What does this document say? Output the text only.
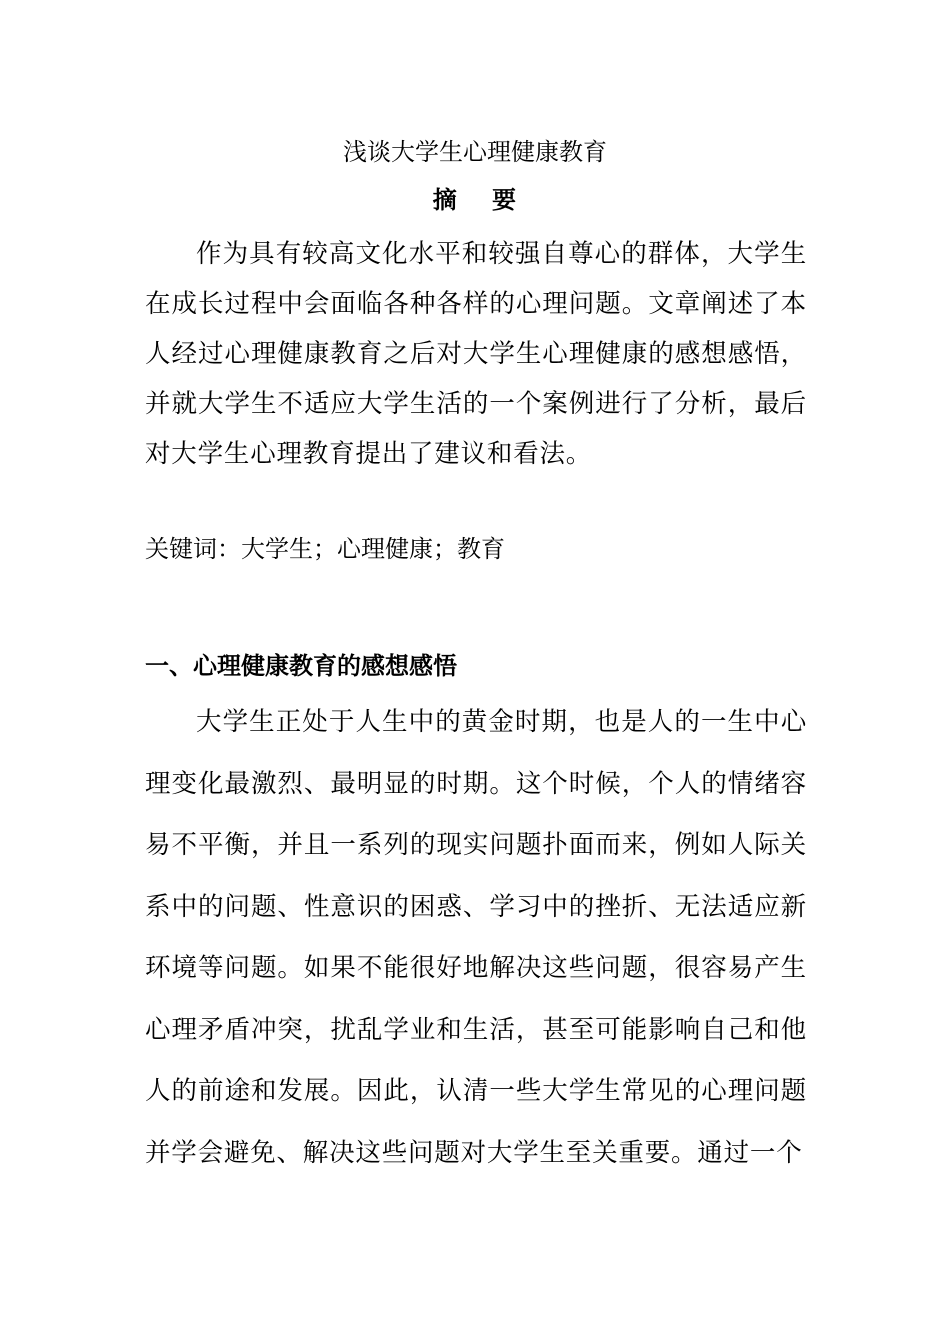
浅谈大学生心理健康教育
摘 要

作为具有较高文化水平和较强自尊心的群体，大学生在成长过程中会面临各种各样的心理问题。文章阐述了本人经过心理健康教育之后对大学生心理健康的感想感悟，并就大学生不适应大学生活的一个案例进行了分析，最后对大学生心理教育提出了建议和看法。

关键词：大学生；心理健康；教育

一、心理健康教育的感想感悟

大学生正处于人生中的黄金时期，也是人的一生中心理变化最激烈、最明显的时期。这个时候，个人的情绪容易不平衡，并且一系列的现实问题扑面而来，例如人际关系中的问题、性意识的困惑、学习中的挫折、无法适应新环境等问题。如果不能很好地解决这些问题，很容易产生心理矛盾冲突，扰乱学业和生活，甚至可能影响自己和他人的前途和发展。因此，认清一些大学生常见的心理问题并学会避免、解决这些问题对大学生至关重要。通过一个
